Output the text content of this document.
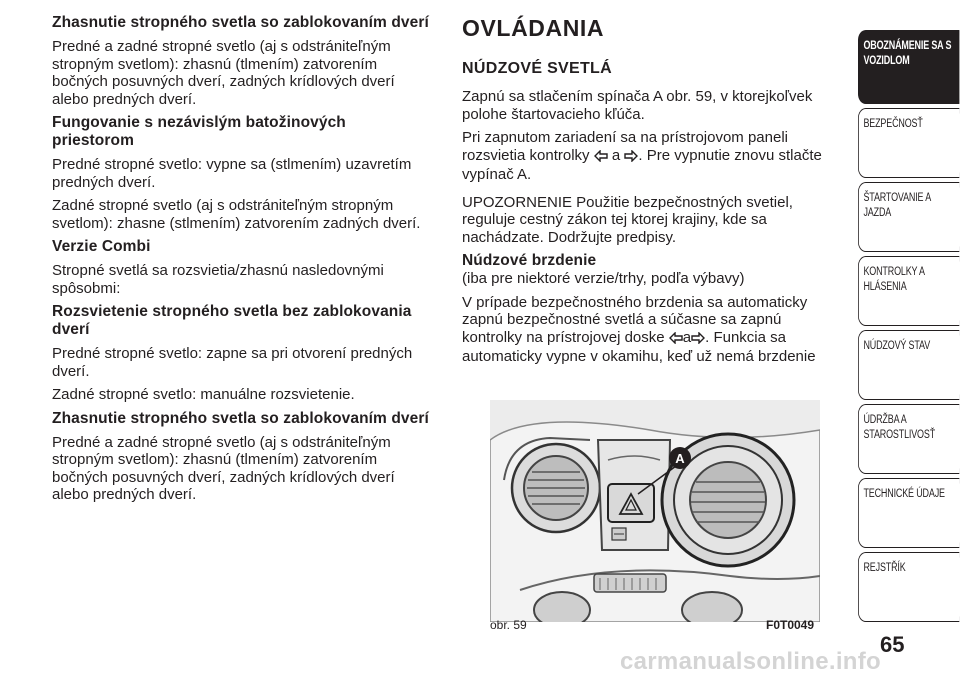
Zhasnutie stropného svetla so zablokovaním dverí
Predné a zadné stropné svetlo (aj s odstrániteľným stropným svetlom): zhasnú (tlmením) zatvorením bočných posuvných dverí, zadných krídlových dverí alebo predných dverí.
Fungovanie s nezávislým batožinových priestorom
Predné stropné svetlo: vypne sa (stlmením) uzavretím predných dverí.
Zadné stropné svetlo (aj s odstrániteľným stropným svetlom): zhasne (stlmením) zatvorením zadných dverí.
Verzie Combi
Stropné svetlá sa rozsvietia/zhasnú nasledovnými spôsobmi:
Rozsvietenie stropného svetla bez zablokovania dverí
Predné stropné svetlo: zapne sa pri otvorení predných dverí.
Zadné stropné svetlo: manuálne rozsvietenie.
Zhasnutie stropného svetla so zablokovaním dverí
Predné a zadné stropné svetlo (aj s odstrániteľným stropným svetlom): zhasnú (tlmením) zatvorením bočných posuvných dverí, zadných krídlových dverí alebo predných dverí.
OVLÁDANIA
NÚDZOVÉ SVETLÁ
Zapnú sa stlačením spínača A obr. 59, v ktorejkoľvek polohe štartovacieho kľúča.
Pri zapnutom zariadení sa na prístrojovom paneli rozsvietia kontrolky  a . Pre vypnutie znovu stlačte vypínač A.
UPOZORNENIE Použitie bezpečnostných svetiel, reguluje cestný zákon tej ktorej krajiny, kde sa nachádzate. Dodržujte predpisy.
Núdzové brzdenie
(iba pre niektoré verzie/trhy, podľa výbavy)
V prípade bezpečnostného brzdenia sa automaticky zapnú bezpečnostné svetlá a súčasne sa zapnú kontrolky na prístrojovej doske a . Funkcia sa automaticky vypne v okamihu, keď už nemá brzdenie
A
obr. 59	F0T0049
OBOZNÁMENIE SA S VOZIDLOM
BEZPEČNOSŤ
ŠTARTOVANIE A JAZDA
KONTROLKY A HLÁSENIA
NÚDZOVÝ STAV
ÚDRŽBA A STAROSTLIVOSŤ
TECHNICKÉ ÚDAJE
REJSTŘÍK
65
carmanualsonline.info
